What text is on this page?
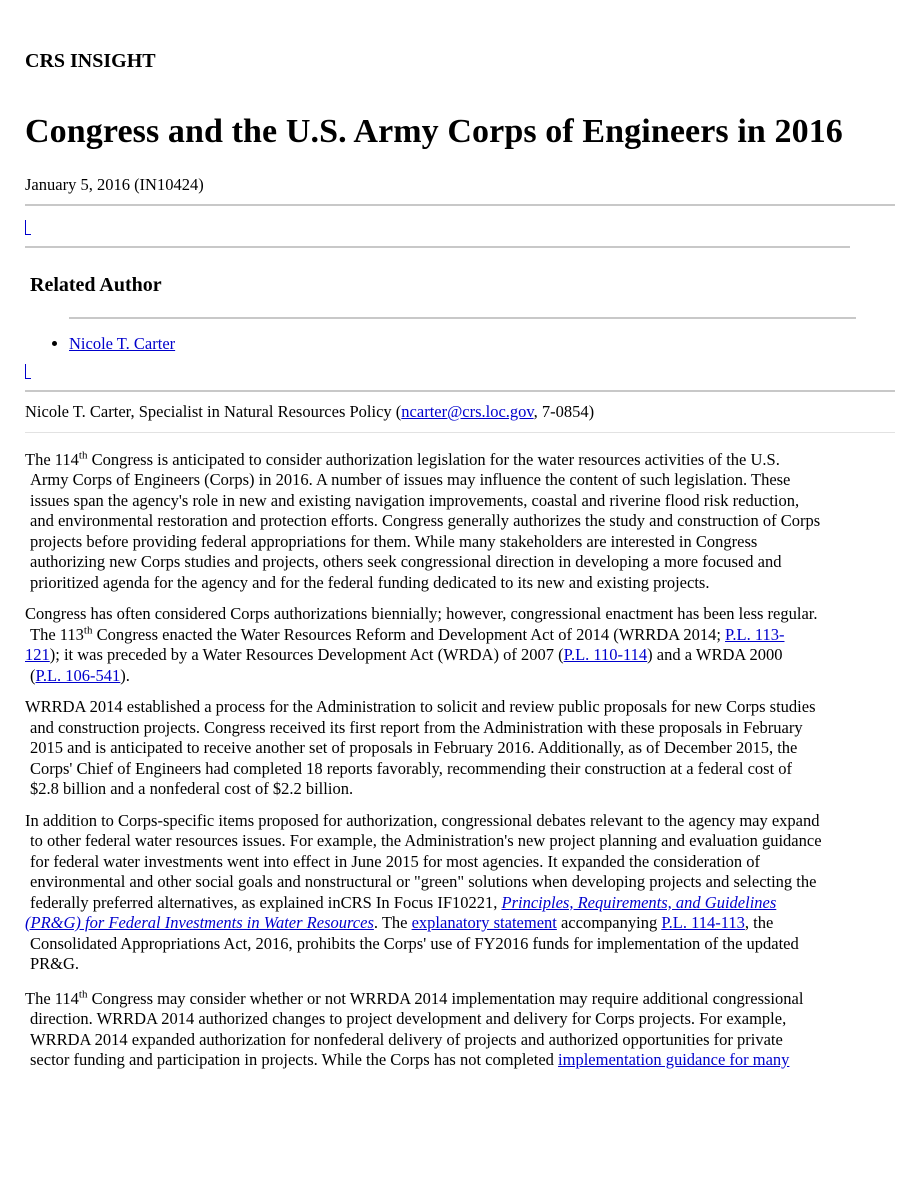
CRS INSIGHT
Congress and the U.S. Army Corps of Engineers in 2016
January 5, 2016 (IN10424)
Related Author
• Nicole T. Carter
Nicole T. Carter, Specialist in Natural Resources Policy (ncarter@crs.loc.gov, 7-0854)
The 114th Congress is anticipated to consider authorization legislation for the water resources activities of the U.S.
Army Corps of Engineers (Corps) in 2016. A number of issues may influence the content of such legislation. These
issues span the agency's role in new and existing navigation improvements, coastal and riverine flood risk reduction,
and environmental restoration and protection efforts. Congress generally authorizes the study and construction of Corps
projects before providing federal appropriations for them. While many stakeholders are interested in Congress
authorizing new Corps studies and projects, others seek congressional direction in developing a more focused and
prioritized agenda for the agency and for the federal funding dedicated to its new and existing projects.
Congress has often considered Corps authorizations biennially; however, congressional enactment has been less regular.
The 113th Congress enacted the Water Resources Reform and Development Act of 2014 (WRRDA 2014; P.L. 113-
121); it was preceded by a Water Resources Development Act (WRDA) of 2007 (P.L. 110-114) and a WRDA 2000
(P.L. 106-541).
WRRDA 2014 established a process for the Administration to solicit and review public proposals for new Corps studies
and construction projects. Congress received its first report from the Administration with these proposals in February
2015 and is anticipated to receive another set of proposals in February 2016. Additionally, as of December 2015, the
Corps' Chief of Engineers had completed 18 reports favorably, recommending their construction at a federal cost of
$2.8 billion and a nonfederal cost of $2.2 billion.
In addition to Corps-specific items proposed for authorization, congressional debates relevant to the agency may expand
to other federal water resources issues. For example, the Administration's new project planning and evaluation guidance
for federal water investments went into effect in June 2015 for most agencies. It expanded the consideration of
environmental and other social goals and nonstructural or "green" solutions when developing projects and selecting the
federally preferred alternatives, as explained inCRS In Focus IF10221, Principles, Requirements, and Guidelines
(PR&G) for Federal Investments in Water Resources. The explanatory statement accompanying P.L. 114-113, the
Consolidated Appropriations Act, 2016, prohibits the Corps' use of FY2016 funds for implementation of the updated
PR&G.
The 114th Congress may consider whether or not WRRDA 2014 implementation may require additional congressional
direction. WRRDA 2014 authorized changes to project development and delivery for Corps projects. For example,
WRRDA 2014 expanded authorization for nonfederal delivery of projects and authorized opportunities for private
sector funding and participation in projects. While the Corps has not completed implementation guidance for many
